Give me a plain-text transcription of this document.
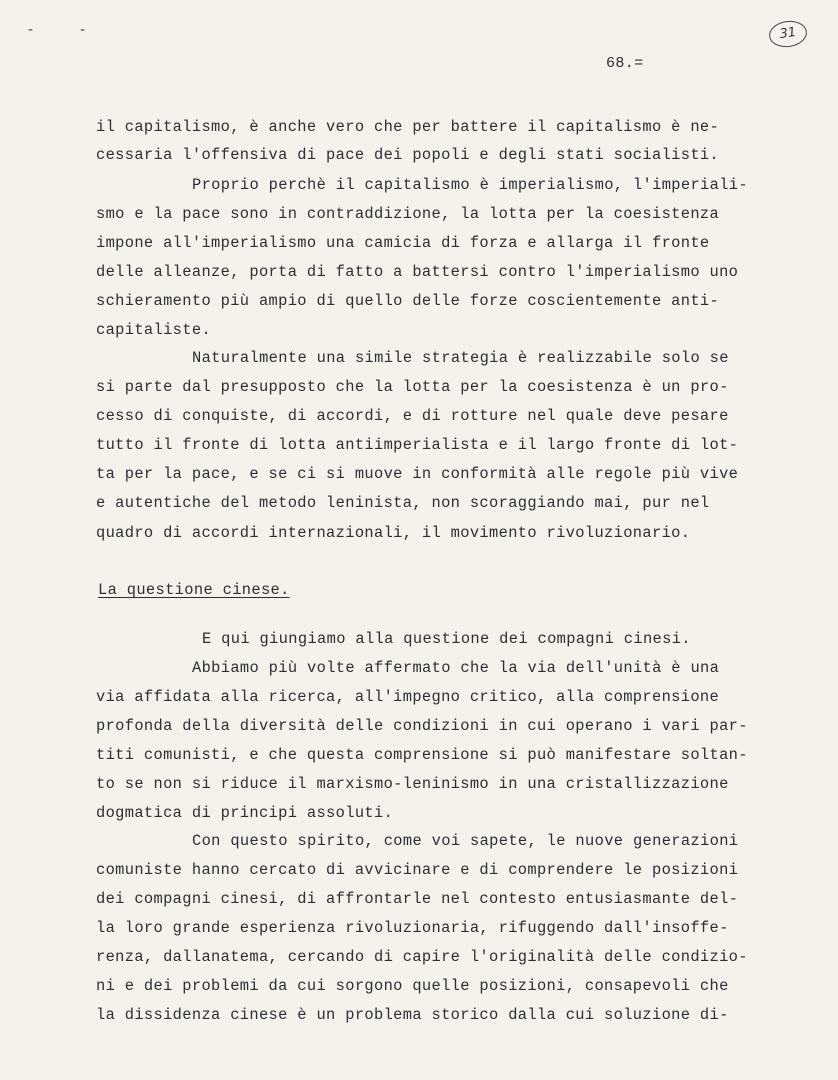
-	-	31
68.=
il capitalismo, è anche vero che per battere il capitalismo è ne-
cessaria l'offensiva di pace dei popoli e degli stati socialisti.
Proprio perchè il capitalismo è imperialismo, l'imperiali-
smo e la pace sono in contraddizione, la lotta per la coesistenza
impone all'imperialismo una camicia di forza e allarga il fronte
delle alleanze, porta di fatto a battersi contro l'imperialismo uno
schieramento più ampio di quello delle forze coscientemente anti-
capitaliste.
Naturalmente una simile strategia è realizzabile solo se
si parte dal presupposto che la lotta per la coesistenza è un pro-
cesso di conquiste, di accordi, e di rotture nel quale deve pesare
tutto il fronte di lotta antiimperialista e il largo fronte di lot-
ta per la pace, e se ci si muove in conformità alle regole più vive
e autentiche del metodo leninista, non scoraggiando mai, pur nel
quadro di accordi internazionali, il movimento rivoluzionario.
La questione cinese.
E qui giungiamo alla questione dei compagni cinesi.
Abbiamo più volte affermato che la via dell'unità è una
via affidata alla ricerca, all'impegno critico, alla comprensione
profonda della diversità delle condizioni in cui operano i vari par-
titi comunisti, e che questa comprensione si può manifestare soltan-
to se non si riduce il marxismo-leninismo in una cristallizzazione
dogmatica di principi assoluti.
Con questo spirito, come voi sapete, le nuove generazioni
comuniste hanno cercato di avvicinare e di comprendere le posizioni
dei compagni cinesi, di affrontarle nel contesto entusiasmante del-
la loro grande esperienza rivoluzionaria, rifuggendo dall'insoffe-
renza, dallanatema, cercando di capire l'originalità delle condizio-
ni e dei problemi da cui sorgono quelle posizioni, consapevoli che
la dissidenza cinese è un problema storico dalla cui soluzione di-
